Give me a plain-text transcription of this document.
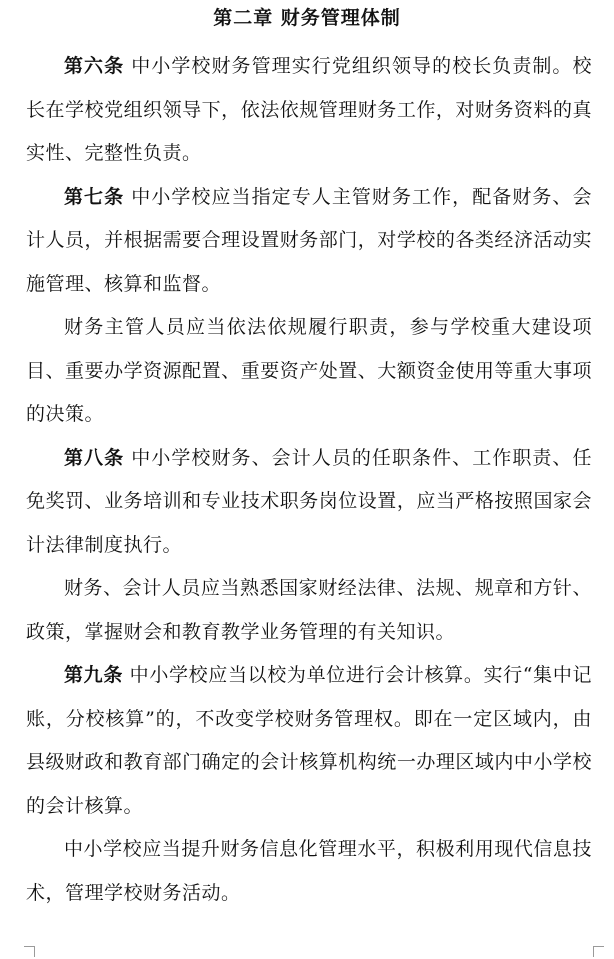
第二章 财务管理体制

第六条 中小学校财务管理实行党组织领导的校长负责制。校长在学校党组织领导下，依法依规管理财务工作，对财务资料的真实性、完整性负责。

第七条 中小学校应当指定专人主管财务工作，配备财务、会计人员，并根据需要合理设置财务部门，对学校的各类经济活动实施管理、核算和监督。

财务主管人员应当依法依规履行职责，参与学校重大建设项目、重要办学资源配置、重要资产处置、大额资金使用等重大事项的决策。

第八条 中小学校财务、会计人员的任职条件、工作职责、任免奖罚、业务培训和专业技术职务岗位设置，应当严格按照国家会计法律制度执行。

财务、会计人员应当熟悉国家财经法律、法规、规章和方针、政策，掌握财会和教育教学业务管理的有关知识。

第九条 中小学校应当以校为单位进行会计核算。实行“集中记账，分校核算”的，不改变学校财务管理权。即在一定区域内，由县级财政和教育部门确定的会计核算机构统一办理区域内中小学校的会计核算。

中小学校应当提升财务信息化管理水平，积极利用现代信息技术，管理学校财务活动。
